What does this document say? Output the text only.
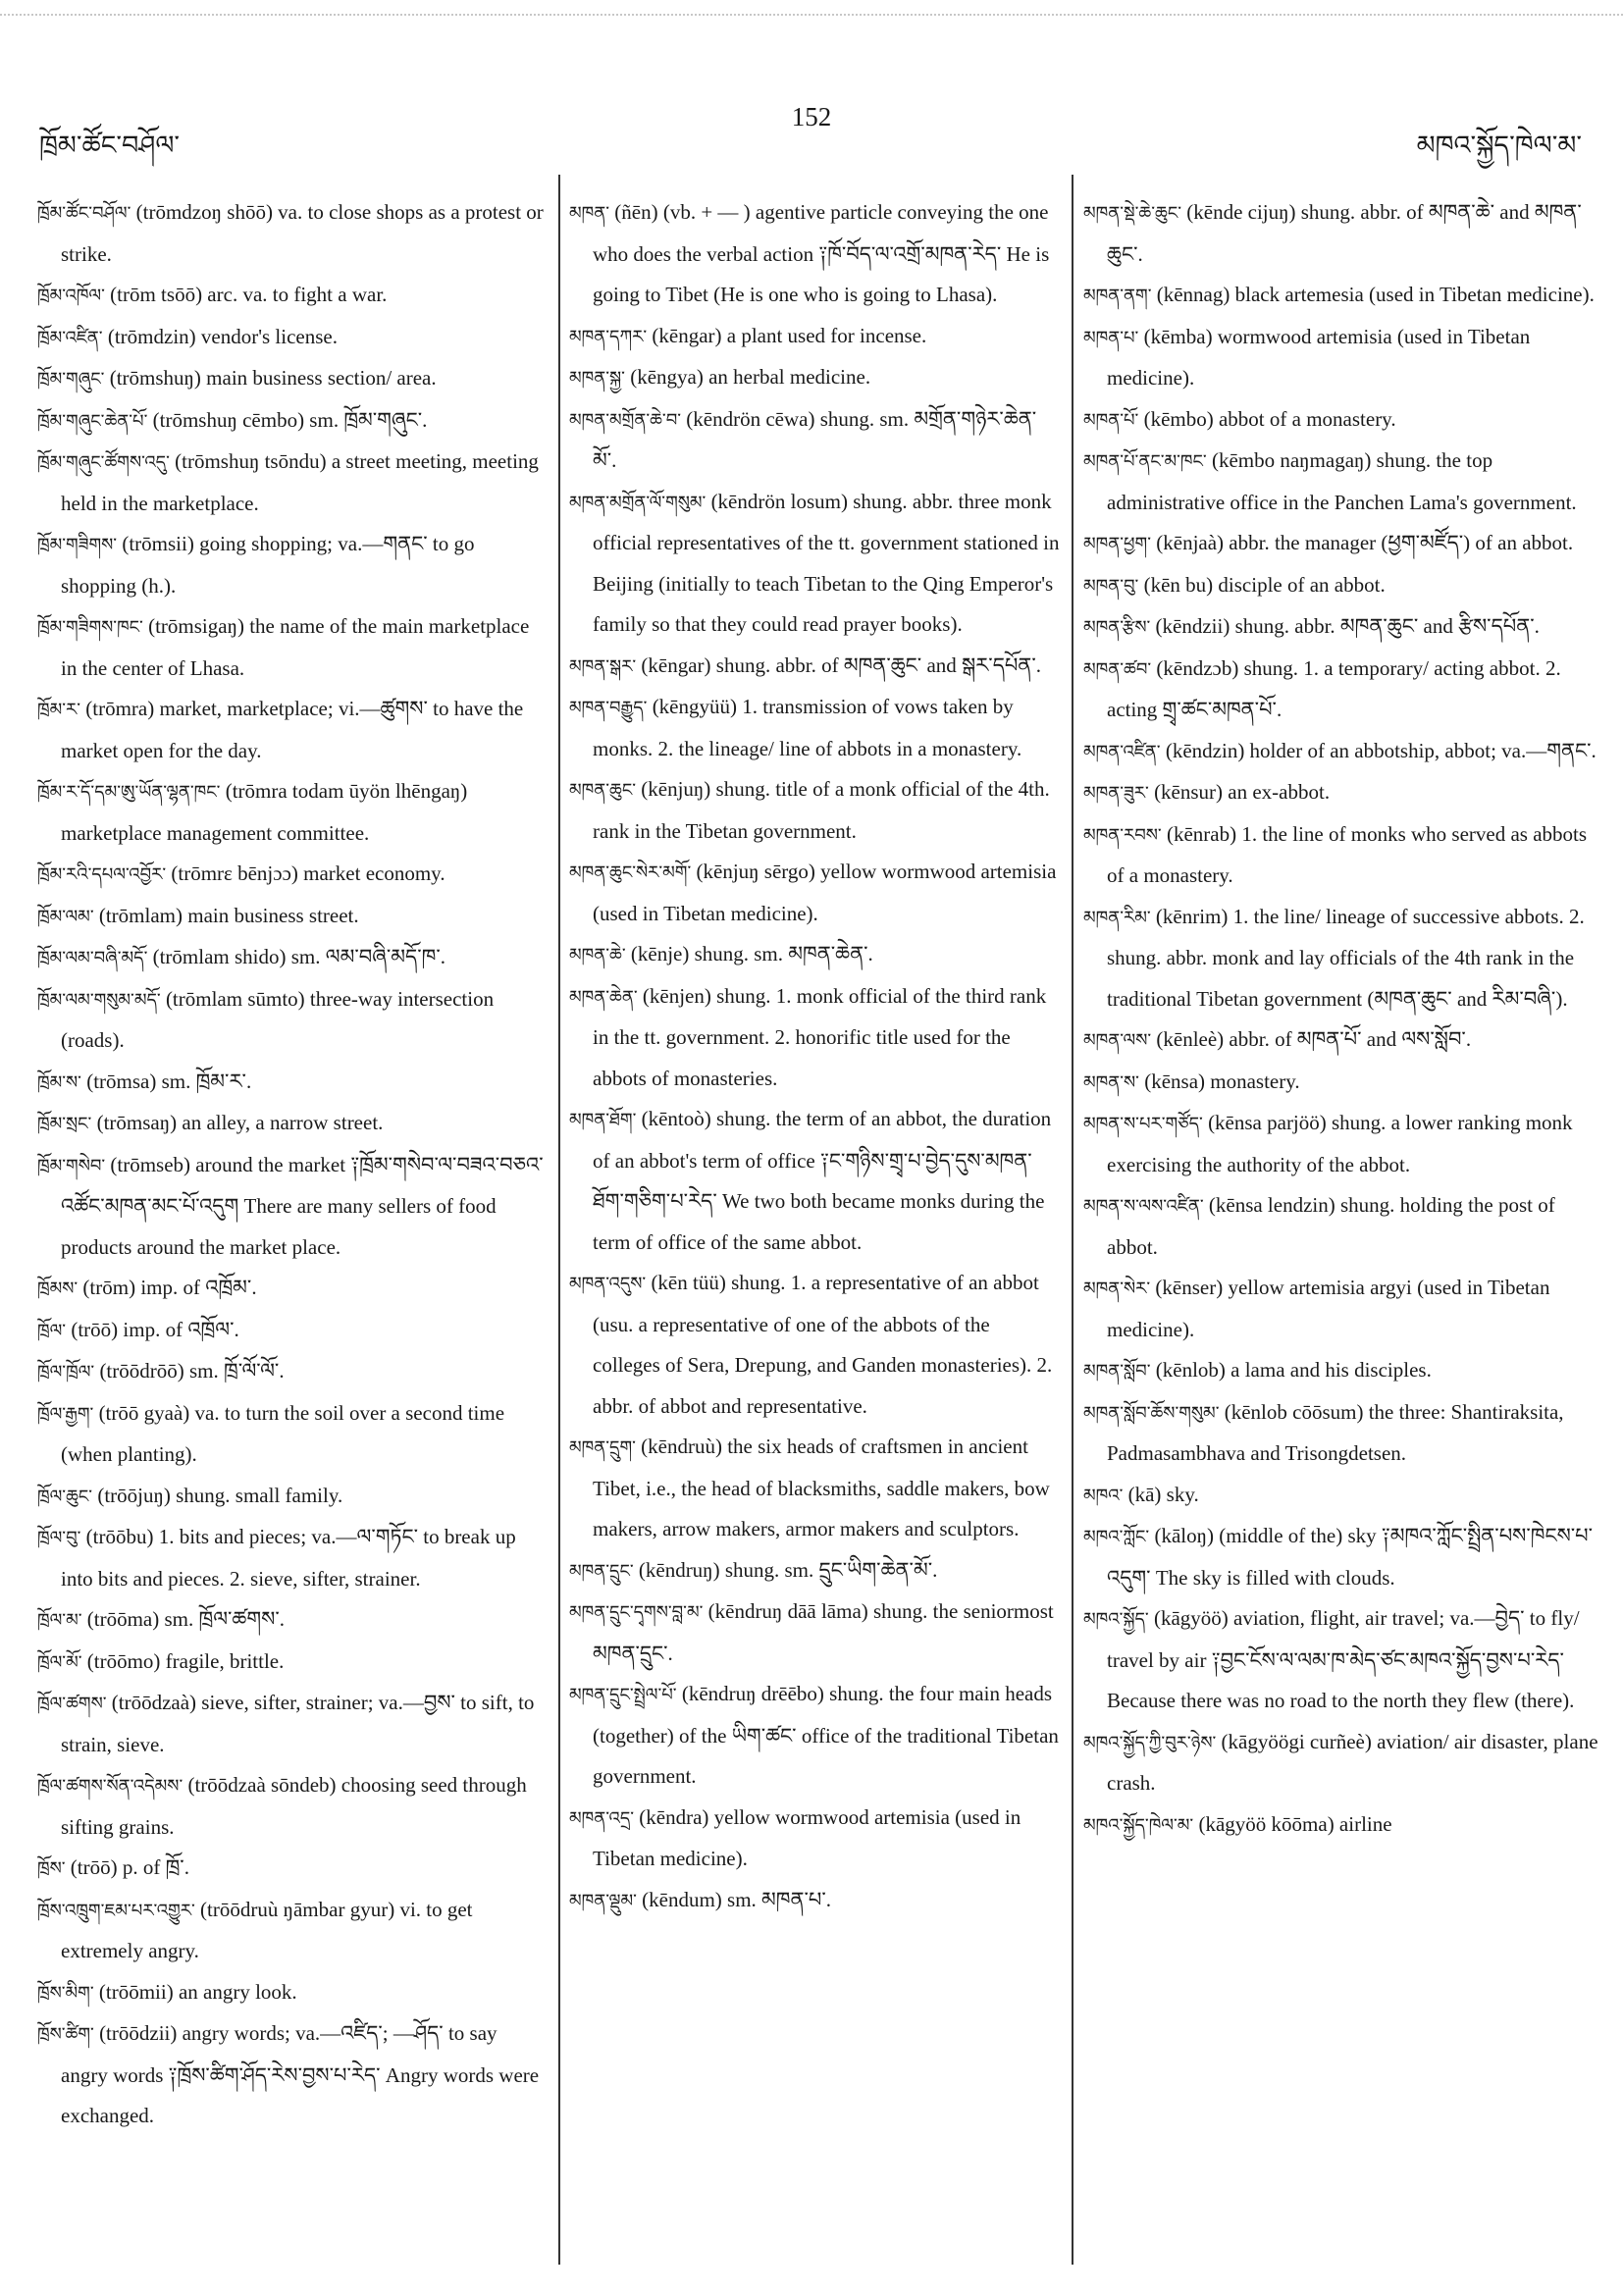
ཁྲོམ་ཚོང་བཤོལ་
152
མཁའ་སྐྱོད་ཁེལ་མ་

ཁྲོམ་ཚོང་བཤོལ་ (trōmdzoŋ shōō) va. to close shops as a protest or strike.

ཁྲོམ་འཁོལ་ (trōm tsōō) arc. va. to fight a war.

ཁྲོམ་འཛིན་ (trōmdzin) vendor's license.

ཁྲོམ་གཞུང་ (trōmshuŋ) main business section/ area.

ཁྲོམ་གཞུང་ཆེན་པོ་ (trōmshuŋ cēmbo) sm. ཁྲོམ་གཞུང་.

ཁྲོམ་གཞུང་ཚོགས་འདུ་ (trōmshuŋ tsōndu) a street meeting, meeting held in the marketplace.

ཁྲོམ་གཟིགས་ (trōmsii) going shopping; va.—གནང་ to go shopping (h.).

ཁྲོམ་གཟིགས་ཁང་ (trōmsigaŋ) the name of the main marketplace in the center of Lhasa.

ཁྲོམ་ར་ (trōmra) market, marketplace; vi.—ཚུགས་ to have the market open for the day.

ཁྲོམ་ར་དོ་དམ་ཨུ་ཡོན་ལྷན་ཁང་ (trōmra todam ūyön lhēngaŋ) marketplace management committee.

ཁྲོམ་རའི་དཔལ་འབྱོར་ (trōmrɛ bēnjɔɔ) market economy.

ཁྲོམ་ལམ་ (trōmlam) main business street.

ཁྲོམ་ལམ་བཞི་མདོ་ (trōmlam shido) sm. ལམ་བཞི་མདོ་ཁ་.

ཁྲོམ་ལམ་གསུམ་མདོ་ (trōmlam sūmto) three-way intersection (roads).

ཁྲོམ་ས་ (trōmsa) sm. ཁྲོམ་ར་.

ཁྲོམ་སྲང་ (trōmsaŋ) an alley, a narrow street.

ཁྲོམ་གསེབ་ (trōmseb) around the market ༑ཁྲོམ་གསེབ་ལ་བཟའ་བཅའ་འཚོང་མཁན་མང་པོ་འདུག There are many sellers of food products around the market place.

ཁྲོམས་ (trōm) imp. of འཁྲོམ་.

ཁྲོལ་ (trōō) imp. of འཁྲོལ་.

ཁྲོལ་ཁྲོལ་ (trōōdrōō) sm. ཁྲོ་ལོ་ལོ་.

ཁྲོལ་རྒྱག་ (trōō gyaà) va. to turn the soil over a second time (when planting).

ཁྲོལ་ཆུང་ (trōōjuŋ) shung. small family.

ཁྲོལ་བུ་ (trōōbu) 1. bits and pieces; va.—ལ་གཏོང་ to break up into bits and pieces. 2. sieve, sifter, strainer.

ཁྲོལ་མ་ (trōōma) sm. ཁྲོལ་ཚགས་.

ཁྲོལ་མོ་ (trōōmo) fragile, brittle.

ཁྲོལ་ཚགས་ (trōōdzaà) sieve, sifter, strainer; va.—བྱས་ to sift, to strain, sieve.

ཁྲོལ་ཚགས་སོན་འདེམས་ (trōōdzaà sōndeb) choosing seed through sifting grains.

ཁྲོས་ (trōō) p. of ཁྲོ་.

ཁྲོས་འཁྲུག་ཇམ་པར་འགྱུར་ (trōōdruù ŋāmbar gyur) vi. to get extremely angry.

ཁྲོས་མིག་ (trōōmii) an angry look.

ཁྲོས་ཚིག་ (trōōdzii) angry words; va.—འཛིད་; —ཤོད་ to say angry words ༑ཁྲོས་ཚིག་ཤོད་རེས་བྱས་པ་རེད་ Angry words were exchanged.

མཁན་ (ñēn) (vb. + — ) agentive particle conveying the one who does the verbal action ༑ཁོ་བོད་ལ་འགྲོ་མཁན་རེད་ He is going to Tibet (He is one who is going to Lhasa).

མཁན་དཀར་ (kēngar) a plant used for incense.

མཁན་སྐྱ་ (kēngya) an herbal medicine.

མཁན་མགྲོན་ཆེ་བ་ (kēndrön cēwa) shung. sm. མགྲོན་གཉེར་ཆེན་མོ་.

མཁན་མགྲོན་ལོ་གསུམ་ (kēndrön losum) shung. abbr. three monk official representatives of the tt. government stationed in Beijing (initially to teach Tibetan to the Qing Emperor's family so that they could read prayer books).

མཁན་སྒར་ (kēngar) shung. abbr. of མཁན་ཆུང་ and སྒར་དཔོན་.

མཁན་བརྒྱུད་ (kēngyüü) 1. transmission of vows taken by monks. 2. the lineage/ line of abbots in a monastery.

མཁན་ཆུང་ (kēnjuŋ) shung. title of a monk official of the 4th. rank in the Tibetan government.

མཁན་ཆུང་སེར་མགོ་ (kēnjuŋ sērgo) yellow wormwood artemisia (used in Tibetan medicine).

མཁན་ཆེ་ (kēnje) shung. sm. མཁན་ཆེན་.

མཁན་ཆེན་ (kēnjen) shung. 1. monk official of the third rank in the tt. government. 2. honorific title used for the abbots of monasteries.

མཁན་ཐོག་ (kēntoò) shung. the term of an abbot, the duration of an abbot's term of office ༑ང་གཉིས་གྲྭ་པ་བྱེད་དུས་མཁན་ཐོག་གཅིག་པ་རེད་ We two both became monks during the term of office of the same abbot.

མཁན་འདུས་ (kēn tüü) shung. 1. a representative of an abbot (usu. a representative of one of the abbots of the colleges of Sera, Drepung, and Ganden monasteries). 2. abbr. of abbot and representative.

མཁན་དྲུག་ (kēndruù) the six heads of craftsmen in ancient Tibet, i.e., the head of blacksmiths, saddle makers, bow makers, arrow makers, armor makers and sculptors.

མཁན་དྲུང་ (kēndruŋ) shung. sm. དྲུང་ཡིག་ཆེན་མོ་.

མཁན་དྲུང་དྭགས་བླ་མ་ (kēndruŋ dāā lāma) shung. the seniormost མཁན་དྲུང་.

མཁན་དྲུང་སྤྲེལ་པོ་ (kēndruŋ drēēbo) shung. the four main heads (together) of the ཡིག་ཚང་ office of the traditional Tibetan government.

མཁན་འདྲ་ (kēndra) yellow wormwood artemisia (used in Tibetan medicine).

མཁན་ལྡུམ་ (kēndum) sm. མཁན་པ་.

མཁན་སྡེ་ཆེ་ཆུང་ (kēnde cijuŋ) shung. abbr. of མཁན་ཆེ་ and མཁན་ཆུང་.

མཁན་ནག་ (kēnnag) black artemesia (used in Tibetan medicine).

མཁན་པ་ (kēmba) wormwood artemisia (used in Tibetan medicine).

མཁན་པོ་ (kēmbo) abbot of a monastery.

མཁན་པོ་ནང་མ་ཁང་ (kēmbo naŋmagaŋ) shung. the top administrative office in the Panchen Lama's government.

མཁན་ཕྱག་ (kēnjaà) abbr. the manager (ཕྱག་མཛོད་) of an abbot.

མཁན་བུ་ (kēn bu) disciple of an abbot.

མཁན་རྩིས་ (kēndzii) shung. abbr. མཁན་ཆུང་ and རྩིས་དཔོན་.

མཁན་ཚབ་ (kēndzɔb) shung. 1. a temporary/ acting abbot. 2. acting གྲྭ་ཚང་མཁན་པོ་.

མཁན་འཛིན་ (kēndzin) holder of an abbotship, abbot; va.—གནང་.

མཁན་ཟུར་ (kēnsur) an ex-abbot.

མཁན་རབས་ (kēnrab) 1. the line of monks who served as abbots of a monastery.

མཁན་རིམ་ (kēnrim) 1. the line/ lineage of successive abbots. 2. shung. abbr. monk and lay officials of the 4th rank in the traditional Tibetan government (མཁན་ཆུང་ and རིམ་བཞི་).

མཁན་ལས་ (kēnleè) abbr. of མཁན་པོ་ and ལས་སློབ་.

མཁན་ས་ (kēnsa) monastery.

མཁན་ས་པར་གཙོད་ (kēnsa parjöö) shung. a lower ranking monk exercising the authority of the abbot.

མཁན་ས་ལས་འཛིན་ (kēnsa lendzin) shung. holding the post of abbot.

མཁན་སེར་ (kēnser) yellow artemisia argyi (used in Tibetan medicine).

མཁན་སློབ་ (kēnlob) a lama and his disciples.

མཁན་སློབ་ཆོས་གསུམ་ (kēnlob cōōsum) the three: Shantiraksita, Padmasambhava and Trisongdetsen.

མཁའ་ (kā) sky.

མཁའ་ཀློང་ (kāloŋ) (middle of the) sky ༑མཁའ་ཀློང་སྤྲིན་པས་ཁེངས་པ་འདུག་ The sky is filled with clouds.

མཁའ་སྐྱོད་ (kāgyöö) aviation, flight, air travel; va.—བྱེད་ to fly/ travel by air ༑བྱང་ངོས་ལ་ལམ་ཁ་མེད་ཙང་མཁའ་སྐྱོད་བྱས་པ་རེད་ Because there was no road to the north they flew (there).

མཁའ་སྐྱོད་ཀྱི་བུར་ཉེས་ (kāgyöögi curñeè) aviation/ air disaster, plane crash.

མཁའ་སྐྱོད་ཁེལ་མ་ (kāgyöö kōōma) airline
